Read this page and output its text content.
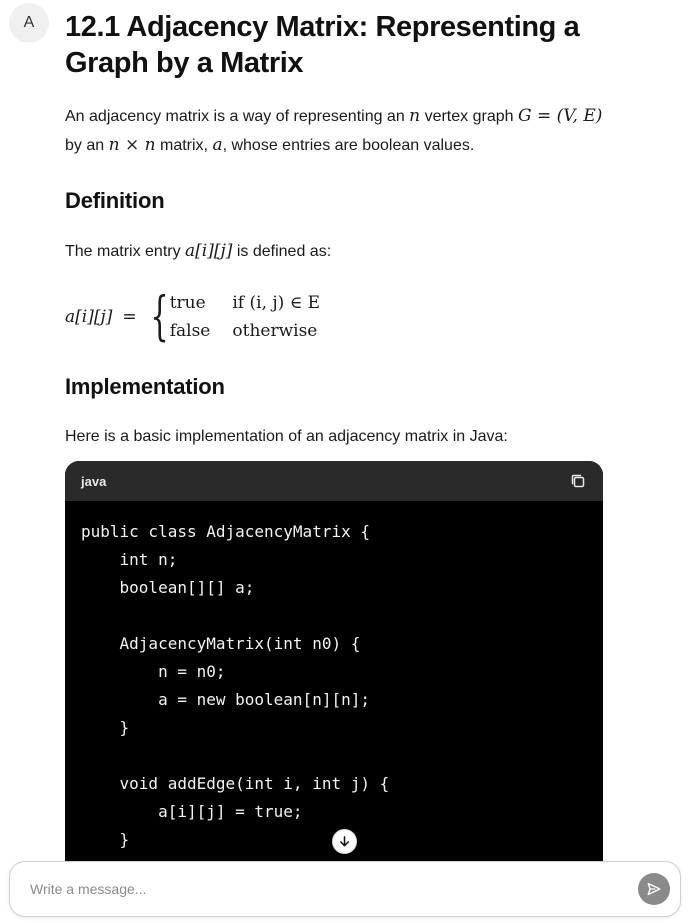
A	12.1 Adjacency Matrix: Representing a Graph by a Matrix

An adjacency matrix is a way of representing an n vertex graph G = (V, E) by an n × n matrix, a, whose entries are boolean values.

Definition

The matrix entry a[i][j] is defined as:

a[i][j] = { true if (i, j) ∈ E
false otherwise
Implementation

Here is a basic implementation of an adjacency matrix in Java:

java
public class AdjacencyMatrix {
int n;
boolean[][] a;
AdjacencyMatrix(int n0) {
n = n0;
a = new boolean[n][n];
}
void addEdge(int i, int j) {
a[i][j] = true;
}
Write a message...
